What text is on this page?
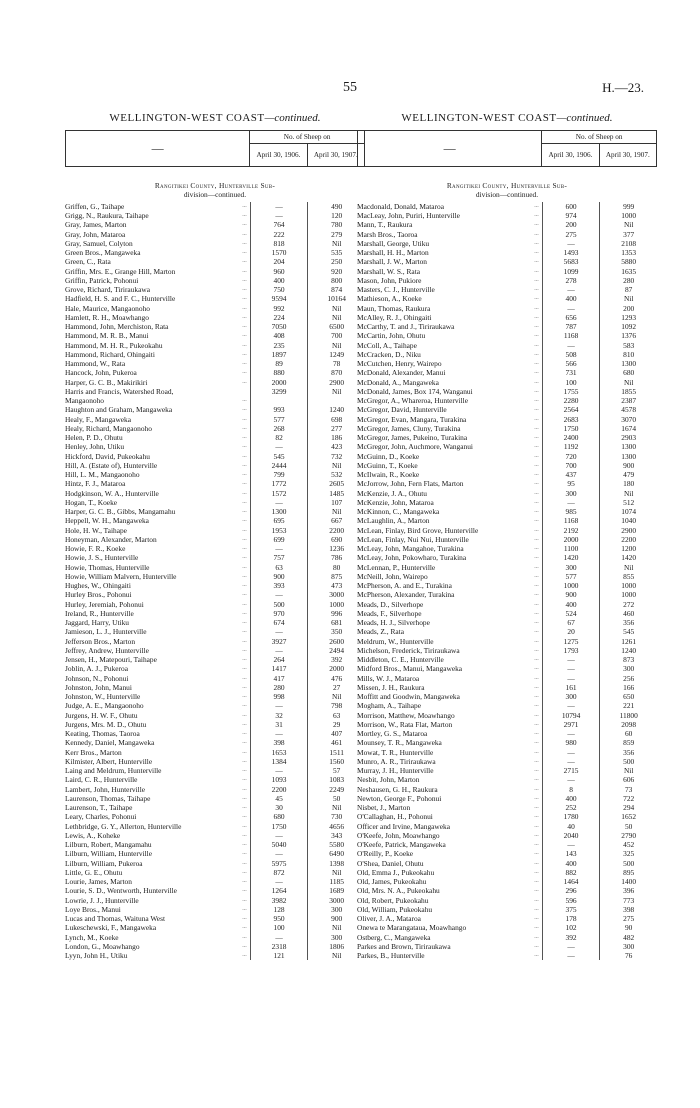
55	H.—23.
WELLINGTON-WEST COAST—continued.
—	No. of Sheep on	
	April 30, 1906.	April 30, 1907.
Rangitikei County, Hunterville Sub-
division—continued.
Griffen, G., Taihape	...	—	490
Grigg, N., Raukura, Taihape	...	—	120
Gray, James, Marton	...	764	780
Gray, John, Mataroa	...	222	279
Gray, Samuel, Colyton	...	818	Nil
Green Bros., Mangaweka	...	1570	535
Green, C., Rata	...	204	250
Griffin, Mrs. E., Grange Hill, Marton	...	960	920
Griffin, Patrick, Pohonui	...	400	800
Grove, Richard, Tiriraukawa	...	750	874
Hadfield, H. S. and F. C., Hunterville	...	9594	10164
Hale, Maurice, Mangaonoho	...	992	Nil
Hamlett, R. H., Moawhango	...	224	Nil
Hammond, John, Merchiston, Rata	...	7050	6500
Hammond, M. R. B., Manui	...	408	700
Hammond, M. H. R., Pukeokahu	...	235	Nil
Hammond, Richard, Ohingaiti	...	1897	1249
Hammond, W., Rata	...	89	78
Hancock, John, Pukeroa	...	880	870
Harper, G. C. B., Makirikiri	...	2000	2900
Harris and Francis, Watershed Road,	3299	Nil
Mangaonoho	...
Haughton and Graham, Mangaweka	...	993	1240
Healy, F., Mangaweka	...	577	698
Healy, Richard, Mangaonoho	...	268	277
Helen, P. D., Ohutu	...	82	186
Henley, John, Utiku	...	—	423
Hickford, David, Pukeokahu	...	545	732
Hill, A. (Estate of), Hunterville	...	2444	Nil
Hill, L. M., Mangaonoho	...	799	532
Hintz, F. J., Mataroa	...	1772	2605
Hodgkinson, W. A., Hunterville	...	1572	1485
Hogan, T., Koeke	...	—	107
Harper, G. C. B., Gibbs, Mangamahu	...	1300	Nil
Heppell, W. H., Mangaweka	...	695	667
Hole, H. W., Taihape	...	1953	2200
Honeyman, Alexander, Marton	...	699	690
Howie, F. R., Koeke	...	—	1236
Howie, J. S., Hunterville	...	757	786
Howie, Thomas, Hunterville	...	63	80
Howie, William Malvern, Hunterville	...	900	875
Hughes, W., Ohingaiti	...	393	473
Hurley Bros., Pohonui	...	—	3000
Hurley, Jeremiah, Pohonui	...	500	1000
Ireland, R., Hunterville	...	970	996
Jaggard, Harry, Utiku	...	674	681
Jamieson, L. J., Hunterville	...	—	350
Jefferson Bros., Marton	...	3927	2600
Jeffrey, Andrew, Hunterville	...	—	2494
Jensen, H., Matepouri, Taihape	...	264	392
Joblin, A. J., Pukeroa	...	1417	2000
Johnson, N., Pohonui	...	417	476
Johnston, John, Manui	...	280	27
Johnston, W., Hunterville	...	998	Nil
Judge, A. E., Mangaonoho	...	—	798
Jurgens, H. W. F., Ohutu	...	32	63
Jurgens, Mrs. M. D., Ohutu	...	31	29
Keating, Thomas, Taoroa	...	—	407
Kennedy, Daniel, Mangaweka	...	398	461
Kerr Bros., Marton	...	1653	1511
Kilmister, Albert, Hunterville	...	1384	1560
Laing and Meldrum, Hunterville	...	—	57
Laird, C. R., Hunterville	...	1093	1083
Lambert, John, Hunterville	...	2200	2249
Laurenson, Thomas, Taihape	...	45	50
Laurenson, T., Taihape	...	30	Nil
Leary, Charles, Pohonui	...	680	730
Lethbridge, G. Y., Allerton, Hunterville	...	1750	4656
Lewis, A., Koheke	...	—	343
Lilburn, Robert, Mangamahu	...	5040	5580
Lilburn, William, Hunterville	...	—	6490
Lilburn, William, Pukeroa	...	5975	1398
Little, G. E., Ohutu	...	872	Nil
Lourie, James, Marton	...	—	1185
Lourie, S. D., Wentworth, Hunterville	...	1264	1689
Lowrie, J. J., Hunterville	...	3982	3000
Loye Bros., Manui	...	128	300
Lucas and Thomas, Waituna West	...	950	900
Lukeschewski, F., Mangaweka	...	100	Nil
Lynch, M., Koeke	...	—	300
London, G., Moawhango	...	2318	1806
Lyyn, John H., Utiku	...	121	Nil
WELLINGTON-WEST COAST—continued.
—	No. of Sheep on	
	April 30, 1906.	April 30, 1907.
Rangitikei County, Hunterville Sub-
division—continued.
Macdonald, Donald, Mataroa	...	600	999
MacLeay, John, Puriri, Hunterville	...	974	1000
Mann, T., Raukura	...	200	Nil
Marsh Bros., Taoroa	...	275	377
Marshall, George, Utiku	...	—	2108
Marshall, H. H., Marton	...	1493	1353
Marshall, J. W., Marton	...	5683	5880
Marshall, W. S., Rata	...	1099	1635
Mason, John, Pukiore	...	278	280
Masters, C. J., Hunterville	...	—	87
Mathieson, A., Koeke	...	400	Nil
Maun, Thomas, Raukura	...	—	200
McAlley, R. J., Ohingaiti	...	656	1293
McCarthy, T. and J., Tiriraukawa	...	787	1092
McCartin, John, Ohutu	...	1168	1376
McColl, A., Taihape	...	—	583
McCracken, D., Niku	...	508	810
McCutchen, Henry, Wairepo	...	566	1300
McDonald, Alexander, Manui	...	731	680
McDonald, A., Mangaweka	...	100	Nil
McDonald, James, Box 174, Wanganui	...	1755	1855
McGregor, A., Whareroa, Hunterville	...	2280	2387
McGregor, David, Hunterville	...	2564	4578
McGregor, Evan, Mangara, Turakina	...	2683	3070
McGregor, James, Cluny, Turakina	...	1750	1674
McGregor, James, Pukeino, Turakina	...	2400	2903
McGregor, John, Auchmore, Wanganui	...	1192	1300
McGuinn, D., Koeke	...	720	1300
McGuinn, T., Koeke	...	700	900
McIlwain, R., Koeke	...	437	479
McJorrow, John, Fern Flats, Marton	...	95	180
McKenzie, J. A., Ohutu	...	300	Nil
McKenzie, John, Mataroa	...	—	512
McKinnon, C., Mangaweka	...	985	1074
McLaughlin, A., Marton	...	1168	1040
McLean, Finlay, Bird Grove, Hunterville	...	2192	2900
McLean, Finlay, Nui Nui, Hunterville	...	2000	2200
McLeay, John, Mangahoe, Turakina	...	1100	1200
McLeay, John, Pokowharo, Turakina	...	1420	1420
McLennan, P., Hunterville	...	300	Nil
McNeill, John, Wairepo	...	577	855
McPherson, A. and E., Turakina	...	1000	1000
McPherson, Alexander, Turakina	...	900	1000
Meads, D., Silverhope	...	400	272
Meads, F., Silverhope	...	524	460
Meads, H. J., Silverhope	...	67	356
Meads, Z., Rata	...	20	545
Meldrum, W., Hunterville	...	1275	1261
Michelson, Frederick, Tiriraukawa	...	1793	1240
Middleton, C. E., Hunterville	...	—	873
Midford Bros., Manui, Mangaweka	...	—	300
Mills, W. J., Mataroa	...	—	256
Missen, J. H., Raukura	...	161	166
Moffitt and Goodwin, Mangaweka	...	300	650
Mogham, A., Taihape	...	—	221
Morrison, Matthew, Moawhango	...	10794	11800
Morrison, W., Rata Flat, Marton	...	2971	2098
Mortley, G. S., Mataroa	...	—	60
Mounsey, T. R., Mangaweka	...	980	859
Mowat, T. R., Hunterville	...	—	356
Munro, A. R., Tiriraukawa	...	—	500
Murray, J. H., Hunterville	...	2715	Nil
Nesbit, John, Marton	...	—	606
Neshausen, G. H., Raukura	...	8	73
Newton, George F., Pohonui	...	400	722
Nisbet, J., Marton	...	252	294
O'Callaghan, H., Pohonui	...	1780	1652
Officer and Irvine, Mangaweka	...	40	50
O'Keefe, John, Moawhango	...	2040	2790
O'Keefe, Patrick, Mangaweka	...	—	452
O'Reilly, P., Koeke	...	143	325
O'Shea, Daniel, Ohutu	...	400	500
Old, Emma J., Pukeokahu	...	882	895
Old, James, Pukeokahu	...	1464	1400
Old, Mrs. N. A., Pukeokahu	...	296	396
Old, Robert, Pukeokahu	...	596	773
Old, William, Pukeokahu	...	375	398
Oliver, J. A., Mataroa	...	178	275
Onewa te Marangataua, Moawhango	...	102	90
Ostberg, C., Mangaweka	...	392	482
Parkes and Brown, Tiriraukawa	...	—	300
Parkes, B., Hunterville	...	—	76
